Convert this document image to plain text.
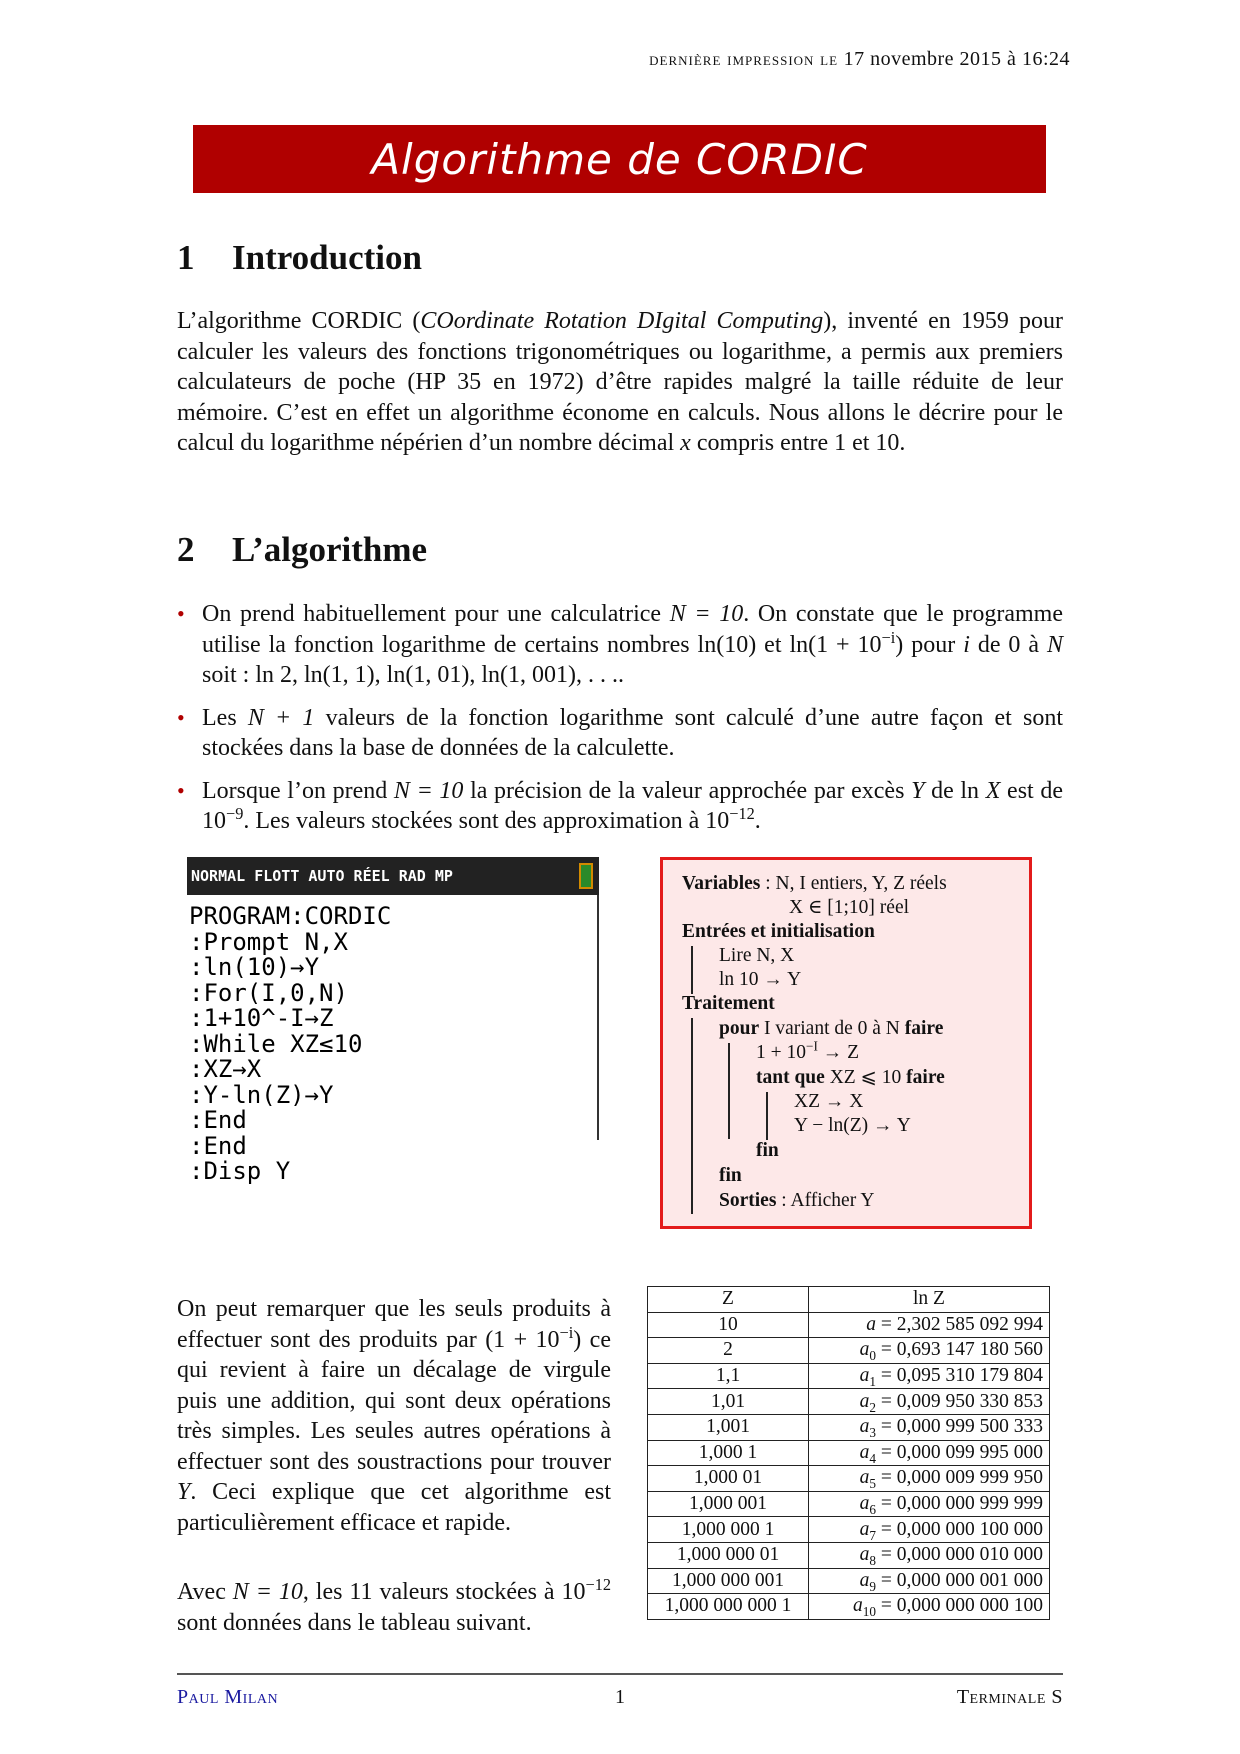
dernière impression le 17 novembre 2015 à 16:24
Algorithme de CORDIC
1 Introduction
L’algorithme CORDIC (COordinate Rotation DIgital Computing), inventé en 1959 pour calculer les valeurs des fonctions trigonométriques ou logarithme, a permis aux premiers calculateurs de poche (HP 35 en 1972) d’être rapides malgré la taille réduite de leur mémoire. C’est en effet un algorithme économe en calculs. Nous allons le décrire pour le calcul du logarithme népérien d’un nombre décimal x compris entre 1 et 10.
2 L’algorithme
• On prend habituellement pour une calculatrice N = 10. On constate que le programme utilise la fonction logarithme de certains nombres ln(10) et $\ln(1 + 10^{-i})$ pour i de 0 à N soit : ln 2, ln(1, 1), ln(1, 01), ln(1, 001), . . ..
• Les N + 1 valeurs de la fonction logarithme sont calculé d’une autre façon et sont stockées dans la base de données de la calculette.
• Lorsque l’on prend N = 10 la précision de la valeur approchée par excès Y de ln X est de $10^{-9}$. Les valeurs stockées sont des approximation à $10^{-12}$.
NORMAL FLOTT AUTO RÉEL RAD MP
PROGRAM:CORDIC
:Prompt N,X
:ln(10)→Y
:For(I,0,N)
:1+10^-I→Z
:While XZ≤10
:XZ→X
:Y-ln(Z)→Y
:End
:End
:Disp Y
Variables : N, I entiers, Y, Z réels
X ∈ [1;10] réel
Entrées et initialisation
Lire N, X
ln 10 → Y
Traitement
pour I variant de 0 à N faire
$1 + 10^{-I} \to Z$
tant que XZ ⩽ 10 faire
XZ → X
Y − ln(Z) → Y
fin
fin
Sorties : Afficher Y
On peut remarquer que les seuls produits à effectuer sont des produits par $(1 + 10^{-i})$ ce qui revient à faire un décalage de virgule puis une addition, qui sont deux opérations très simples. Les seules autres opérations à effectuer sont des soustractions pour trouver Y. Ceci explique que cet algorithme est particulièrement efficace et rapide.
Avec N = 10, les 11 valeurs stockées à $10^{-12}$ sont données dans le tableau suivant.
Z	ln Z
10	a = 2,302 585 092 994
2	$a_0 = 0,693$ 147 180 560
1,1	$a_1 = 0,095$ 310 179 804
1,01	$a_2 = 0,009$ 950 330 853
1,001	$a_3 = 0,000$ 999 500 333
1,000 1	$a_4 = 0,000$ 099 995 000
1,000 01	$a_5 = 0,000$ 009 999 950
1,000 001	$a_6 = 0,000$ 000 999 999
1,000 000 1	$a_7 = 0,000$ 000 100 000
1,000 000 01	$a_8 = 0,000$ 000 010 000
1,000 000 001	$a_9 = 0,000$ 000 001 000
1,000 000 000 1	$a_{10} = 0,000$ 000 000 100
Paul Milan	1	Terminale S
